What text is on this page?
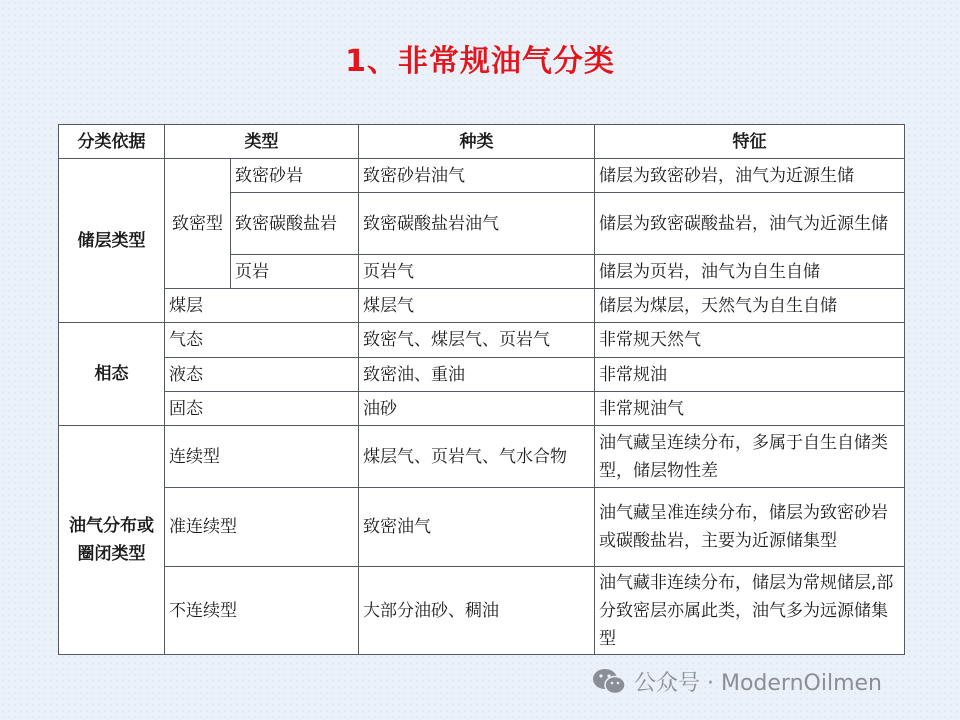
1、非常规油气分类
分类依据	类型		种类	特征
储层类型	致密型	致密砂岩	致密砂岩油气	储层为致密砂岩，油气为近源生储
		致密碳酸盐岩	致密碳酸盐岩油气	储层为致密碳酸盐岩，油气为近源生储
		页岩	页岩气	储层为页岩，油气为自生自储
	煤层		煤层气	储层为煤层，天然气为自生自储
相态	气态		致密气、煤层气、页岩气	非常规天然气
	液态		致密油、重油	非常规油
	固态		油砂	非常规油气
油气分布或圈闭类型	连续型		煤层气、页岩气、气水合物	油气藏呈连续分布，多属于自生自储类型，储层物性差
	准连续型		致密油气	油气藏呈准连续分布，储层为致密砂岩或碳酸盐岩，主要为近源储集型
	不连续型		大部分油砂、稠油	油气藏非连续分布，储层为常规储层,部分致密层亦属此类，油气多为远源储集型
公众号 · ModernOilmen
